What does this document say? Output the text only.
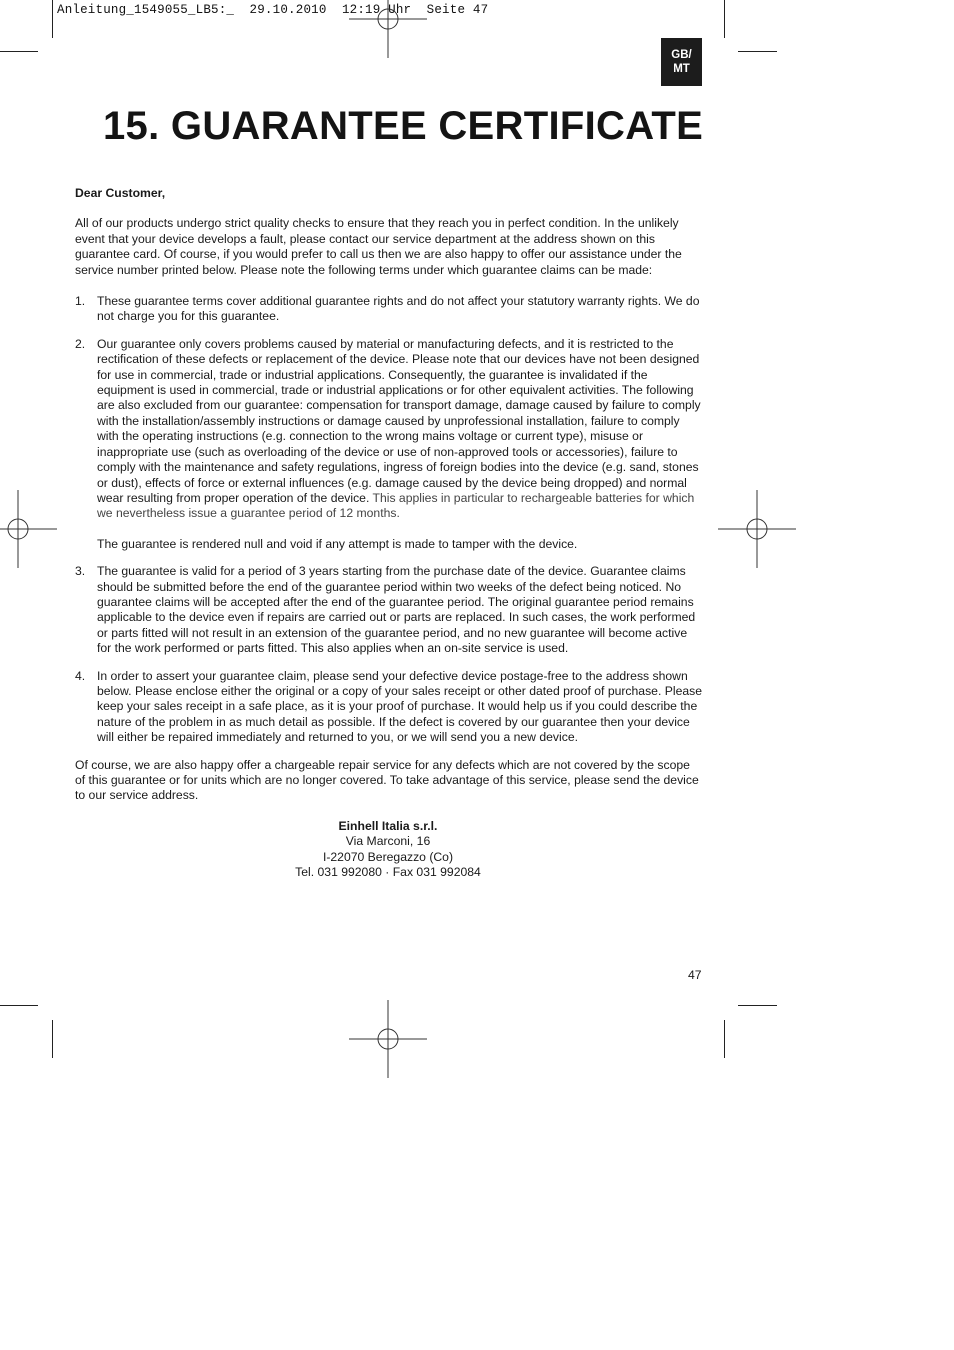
Anleitung_1549055_LB5:_  29.10.2010  12:19 Uhr  Seite 47
GB/
MT
15. GUARANTEE CERTIFICATE

Dear Customer,

All of our products undergo strict quality checks to ensure that they reach you in perfect condition. In the unlikely event that your device develops a fault, please contact our service department at the address shown on this guarantee card. Of course, if you would prefer to call us then we are also happy to offer our assistance under the service number printed below. Please note the following terms under which guarantee claims can be made:

1. These guarantee terms cover additional guarantee rights and do not affect your statutory warranty rights. We do not charge you for this guarantee.

2. Our guarantee only covers problems caused by material or manufacturing defects, and it is restricted to the rectification of these defects or replacement of the device. Please note that our devices have not been designed for use in commercial, trade or industrial applications. Consequently, the guarantee is invalidated if the equipment is used in commercial, trade or industrial applications or for other equivalent activities. The following are also excluded from our guarantee: compensation for transport damage, damage caused by failure to comply with the installation/assembly instructions or damage caused by unprofessional installation, failure to comply with the operating instructions (e.g. connection to the wrong mains voltage or current type), misuse or inappropriate use (such as overloading of the device or use of non-approved tools or accessories), failure to comply with the maintenance and safety regulations, ingress of foreign bodies into the device (e.g. sand, stones or dust), effects of force or external influences (e.g. damage caused by the device being dropped) and normal wear resulting from proper operation of the device. This applies in particular to rechargeable batteries for which we nevertheless issue a guarantee period of 12 months.

The guarantee is rendered null and void if any attempt is made to tamper with the device.

3. The guarantee is valid for a period of 3 years starting from the purchase date of the device. Guarantee claims should be submitted before the end of the guarantee period within two weeks of the defect being noticed. No guarantee claims will be accepted after the end of the guarantee period. The original guarantee period remains applicable to the device even if repairs are carried out or parts are replaced. In such cases, the work performed or parts fitted will not result in an extension of the guarantee period, and no new guarantee will become active for the work performed or parts fitted. This also applies when an on-site service is used.

4. In order to assert your guarantee claim, please send your defective device postage-free to the address shown below. Please enclose either the original or a copy of your sales receipt or other dated proof of purchase. Please keep your sales receipt in a safe place, as it is your proof of purchase. It would help us if you could describe the nature of the problem in as much detail as possible. If the defect is covered by our guarantee then your device will either be repaired immediately and returned to you, or we will send you a new device.

Of course, we are also happy offer a chargeable repair service for any defects which are not covered by the scope of this guarantee or for units which are no longer covered. To take advantage of this service, please send the device to our service address.

Einhell Italia s.r.l.
Via Marconi, 16
I-22070 Beregazzo (Co)
Tel. 031 992080 · Fax 031 992084
47
